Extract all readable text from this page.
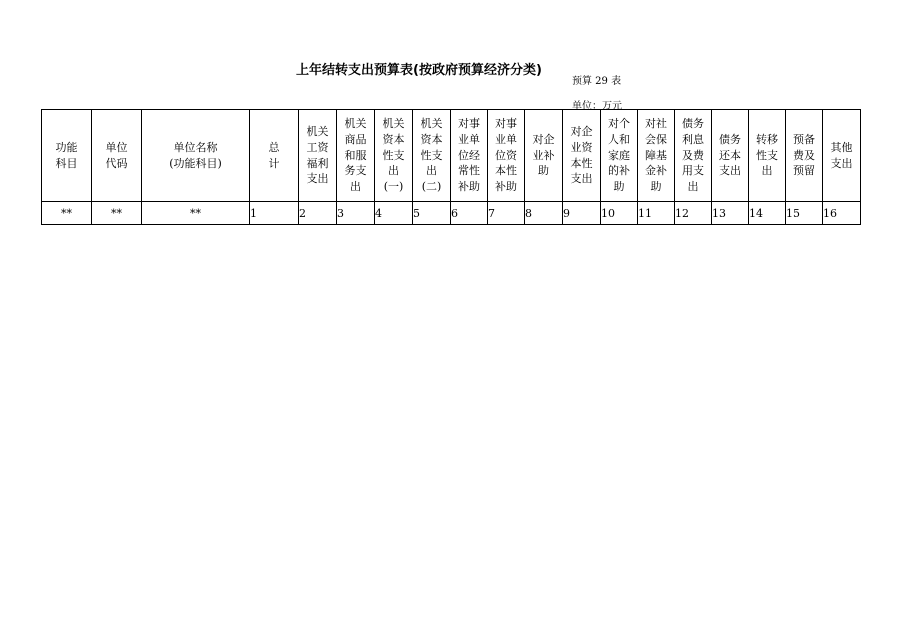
上年结转支出预算表(按政府预算经济分类)
预算 29 表
单位：万元
功能科目	单位代码	单位名称(功能科目)	总计	机关工资福利支出	机关商品和服务支出	机关资本性支出(一)	机关资本性支出(二)	对事业单位经常性补助	对事业单位资本性补助	对企业补助	对企业资本性支出	对个人和家庭的补助	对社会保障基金补助	债务利息及费用支出	债务还本支出	转移性支出	预备费及预留	其他支出

**	**	**	1	2	3	4	5	6	7	8	9	10	11	12	13	14	15	16
